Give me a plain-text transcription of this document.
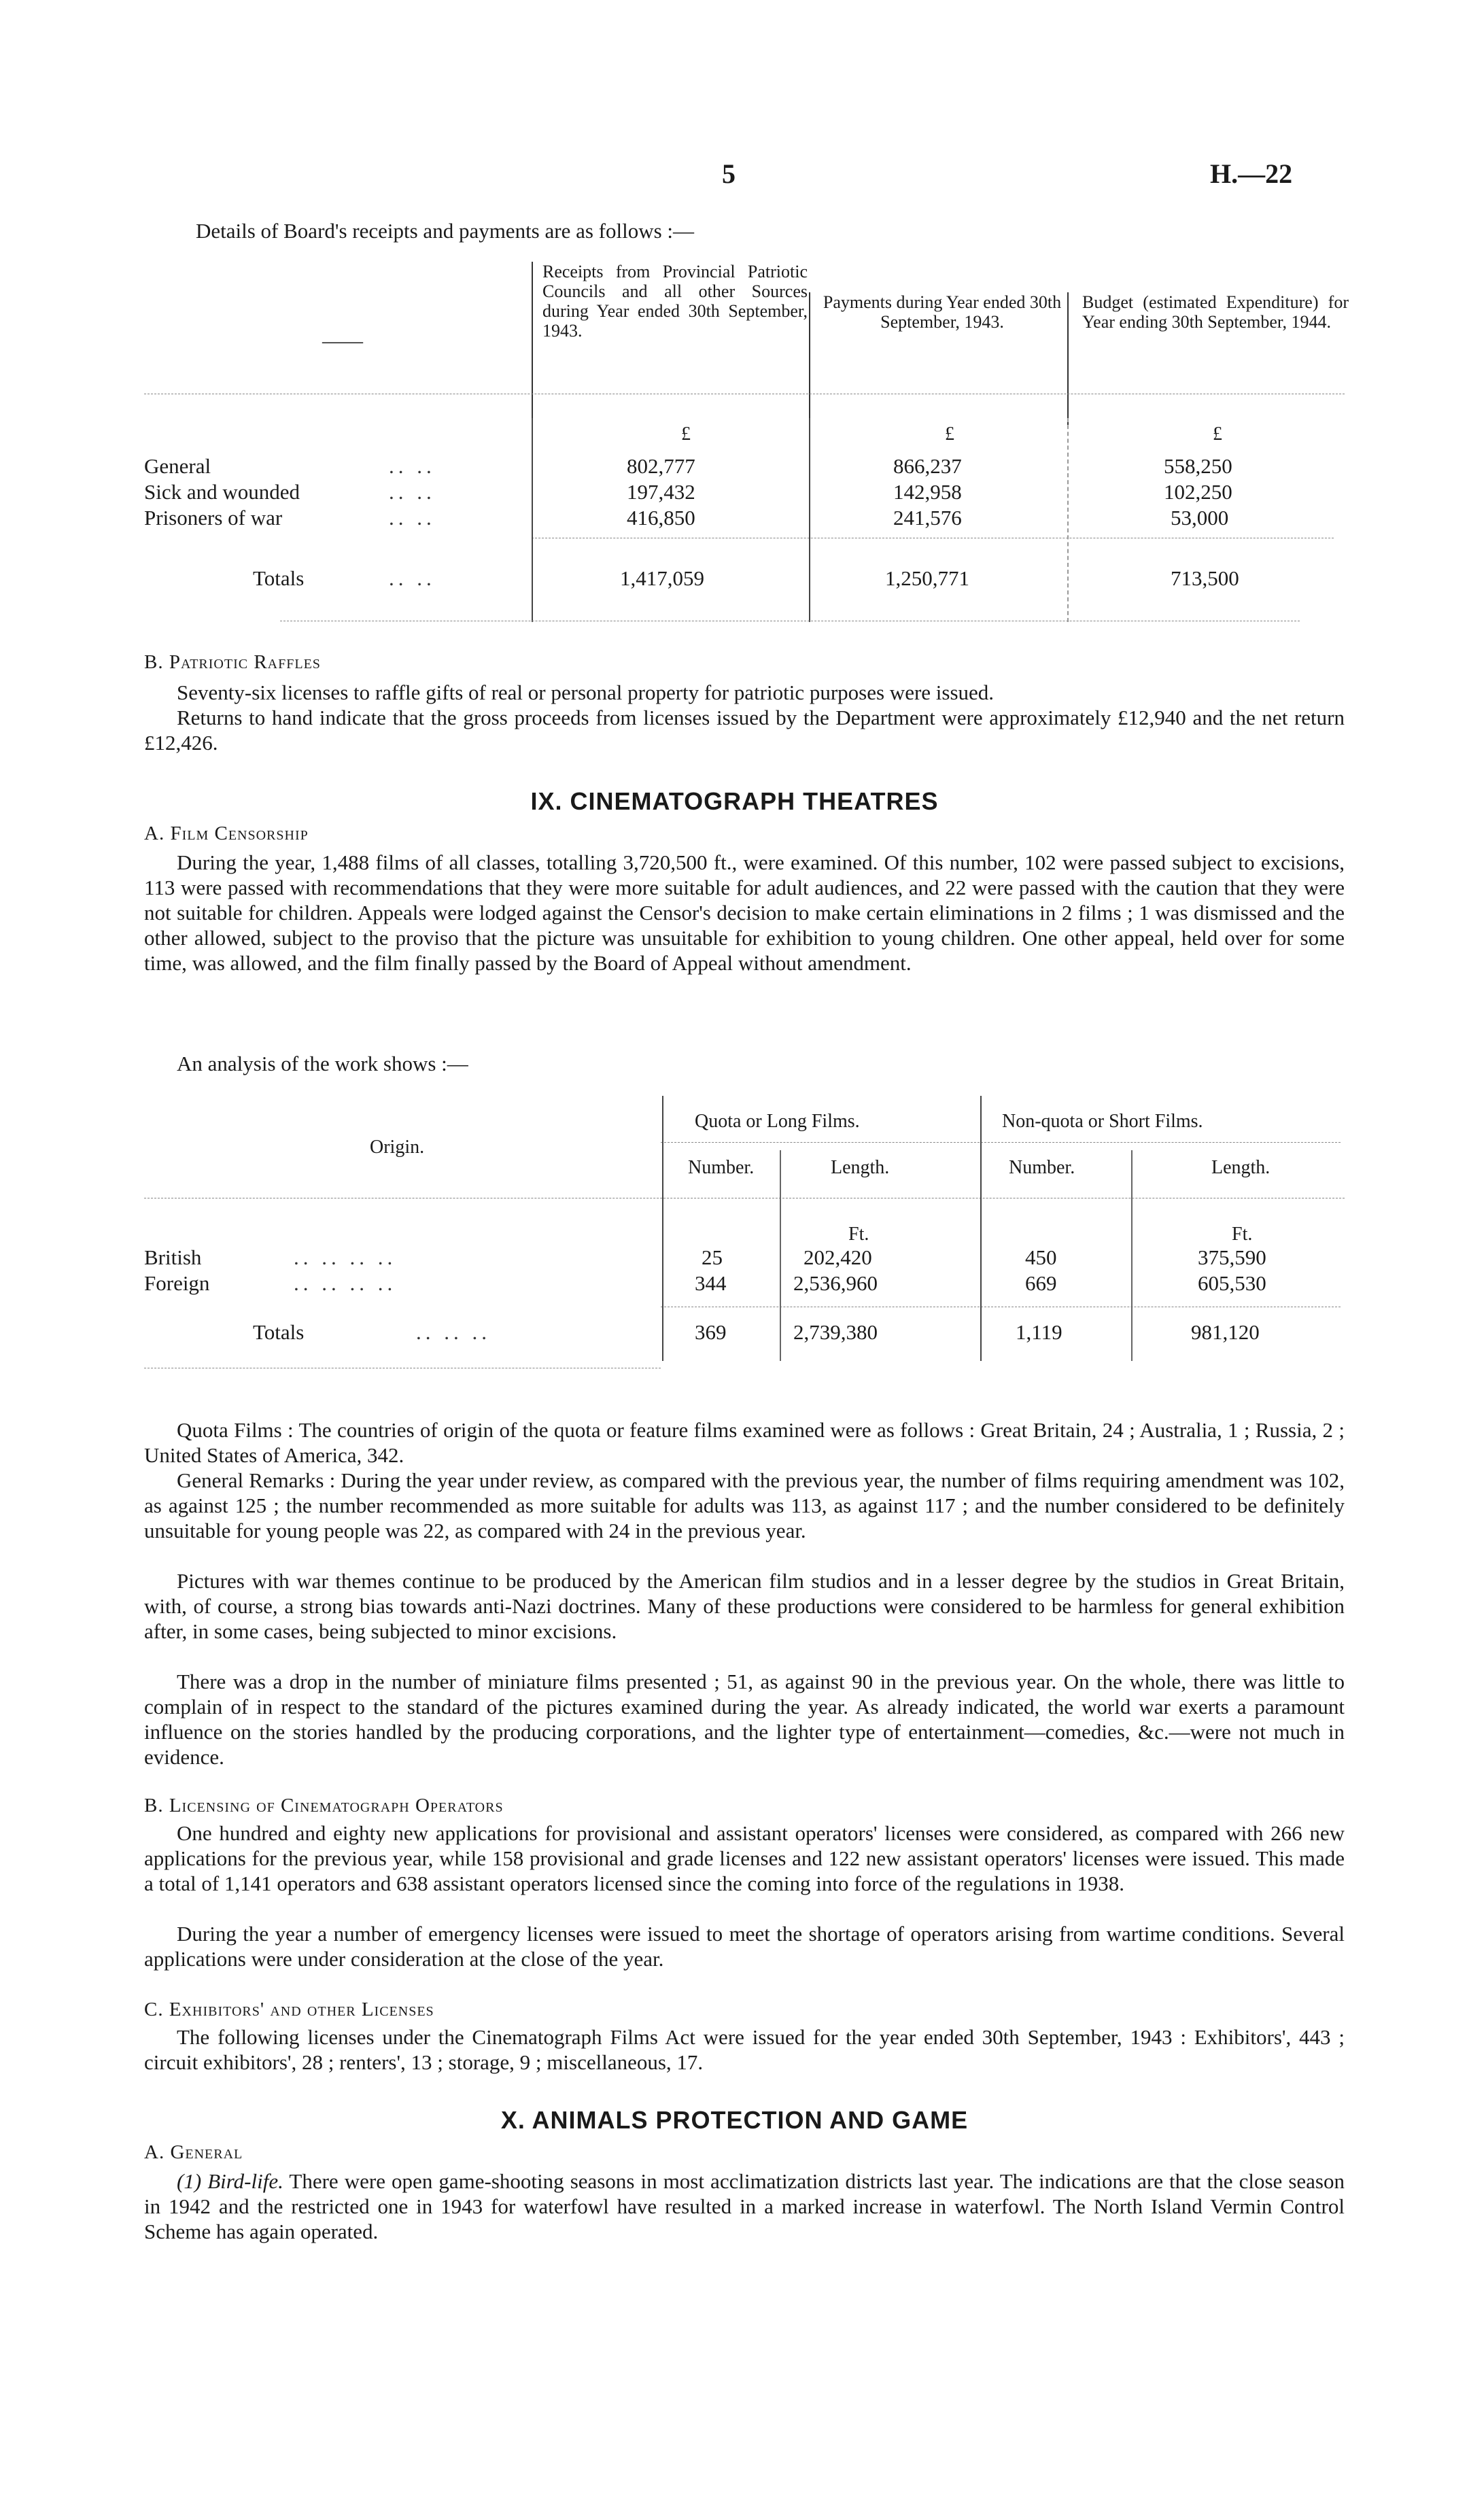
5	H.—22
Details of Board's receipts and payments are as follows :—
——
Receipts from Provincial Patriotic Councils and all other Sources during Year ended 30th September, 1943.
Payments during Year ended 30th September, 1943.
Budget (estimated Expenditure) for Year ending 30th September, 1944.
£	£	£
General	.. ..	802,777	866,237	558,250
Sick and wounded	.. ..	197,432	142,958	102,250
Prisoners of war	.. ..	416,850	241,576	53,000
Totals	.. ..	1,417,059	1,250,771	713,500
B. Patriotic Raffles

Seventy-six licenses to raffle gifts of real or personal property for patriotic purposes were issued.

Returns to hand indicate that the gross proceeds from licenses issued by the Department were approximately £12,940 and the net return £12,426.

IX. CINEMATOGRAPH THEATRES
A. Film Censorship

During the year, 1,488 films of all classes, totalling 3,720,500 ft., were examined. Of this number, 102 were passed subject to excisions, 113 were passed with recommendations that they were more suitable for adult audiences, and 22 were passed with the caution that they were not suitable for children. Appeals were lodged against the Censor's decision to make certain eliminations in 2 films ; 1 was dismissed and the other allowed, subject to the proviso that the picture was unsuitable for exhibition to young children. One other appeal, held over for some time, was allowed, and the film finally passed by the Board of Appeal without amendment.

An analysis of the work shows :—

Origin.
Quota or Long Films.	Non-quota or Short Films.
Number.	Length.	Number.	Length.
Ft.	Ft.
British	.. .. .. ..	25	202,420	450	375,590
Foreign	.. .. .. ..	344	2,536,960	669	605,530
Totals	.. .. ..	369	2,739,380	1,119	981,120

Quota Films : The countries of origin of the quota or feature films examined were as follows : Great Britain, 24 ; Australia, 1 ; Russia, 2 ; United States of America, 342.

General Remarks : During the year under review, as compared with the previous year, the number of films requiring amendment was 102, as against 125 ; the number recommended as more suitable for adults was 113, as against 117 ; and the number considered to be definitely unsuitable for young people was 22, as compared with 24 in the previous year.

Pictures with war themes continue to be produced by the American film studios and in a lesser degree by the studios in Great Britain, with, of course, a strong bias towards anti-Nazi doctrines. Many of these productions were considered to be harmless for general exhibition after, in some cases, being subjected to minor excisions.

There was a drop in the number of miniature films presented ; 51, as against 90 in the previous year. On the whole, there was little to complain of in respect to the standard of the pictures examined during the year. As already indicated, the world war exerts a paramount influence on the stories handled by the producing corporations, and the lighter type of entertainment—comedies, &c.—were not much in evidence.

B. Licensing of Cinematograph Operators

One hundred and eighty new applications for provisional and assistant operators' licenses were considered, as compared with 266 new applications for the previous year, while 158 provisional and grade licenses and 122 new assistant operators' licenses were issued. This made a total of 1,141 operators and 638 assistant operators licensed since the coming into force of the regulations in 1938.

During the year a number of emergency licenses were issued to meet the shortage of operators arising from wartime conditions. Several applications were under consideration at the close of the year.

C. Exhibitors' and other Licenses

The following licenses under the Cinematograph Films Act were issued for the year ended 30th September, 1943 : Exhibitors', 443 ; circuit exhibitors', 28 ; renters', 13 ; storage, 9 ; miscellaneous, 17.

X. ANIMALS PROTECTION AND GAME
A. General

(1) Bird-life. There were open game-shooting seasons in most acclimatization districts last year. The indications are that the close season in 1942 and the restricted one in 1943 for waterfowl have resulted in a marked increase in waterfowl. The North Island Vermin Control Scheme has again operated.
